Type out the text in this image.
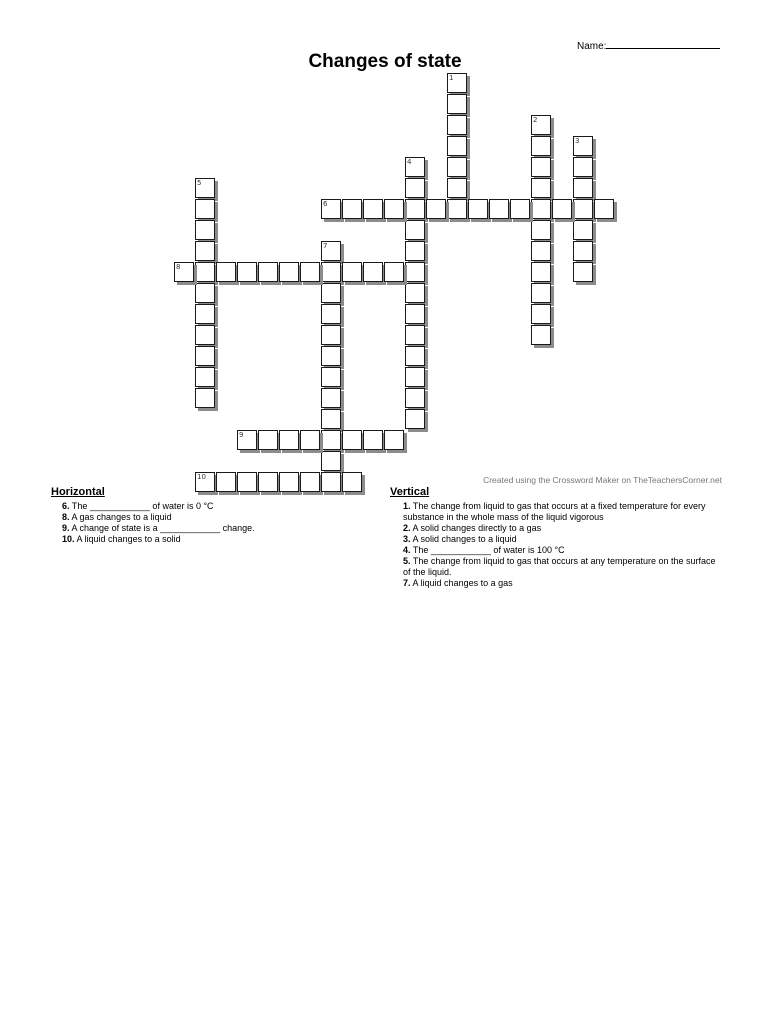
Name:
Changes of state
1
2
3
4
5
6
7
8
9
10	Created using the Crossword Maker on TheTeachersCorner.net
Horizontal
6. The ____________ of water is 0 °C
8. A gas changes to a liquid
9. A change of state is a ____________ change.
10. A liquid changes to a solid
Vertical
1. The change from liquid to gas that occurs at a fixed temperature for every substance in the whole mass of the liquid vigorous
2. A solid changes directly to a gas
3. A solid changes to a liquid
4. The ____________ of water is 100 °C
5. The change from liquid to gas that occurs at any temperature on the surface of the liquid.
7. A liquid changes to a gas
